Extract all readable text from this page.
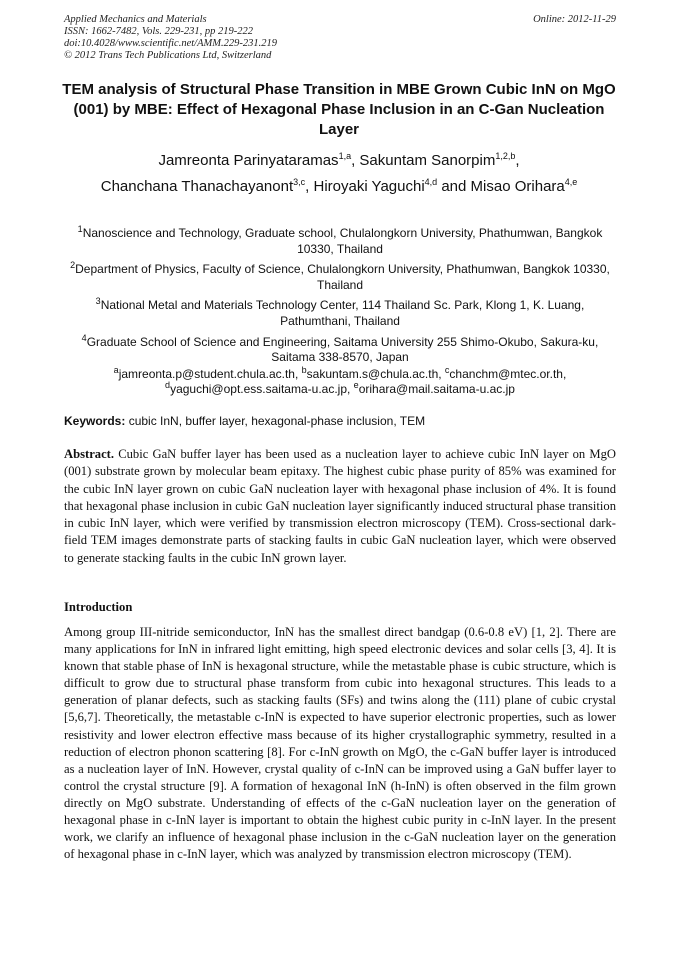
Applied Mechanics and Materials
ISSN: 1662-7482, Vols. 229-231, pp 219-222
doi:10.4028/www.scientific.net/AMM.229-231.219
© 2012 Trans Tech Publications Ltd, Switzerland
Online: 2012-11-29
TEM analysis of Structural Phase Transition in MBE Grown Cubic InN on MgO (001) by MBE: Effect of Hexagonal Phase Inclusion in an C-Gan Nucleation Layer
Jamreonta Parinyataramas$^{1,a}$, Sakuntam Sanorpim$^{1,2,b}$,
Chanchana Thanachayanont$^{3,c}$, Hiroyaki Yaguchi$^{4,d}$ and Misao Orihara$^{4,e}$
$^1$Nanoscience and Technology, Graduate school, Chulalongkorn University, Phathumwan, Bangkok 10330, Thailand
$^2$Department of Physics, Faculty of Science, Chulalongkorn University, Phathumwan, Bangkok 10330, Thailand
$^3$National Metal and Materials Technology Center, 114 Thailand Sc. Park, Klong 1, K. Luang, Pathumthani, Thailand
$^4$Graduate School of Science and Engineering, Saitama University 255 Shimo-Okubo, Sakura-ku, Saitama 338-8570, Japan
$^a$jamreonta.p@student.chula.ac.th, $^b$sakuntam.s@chula.ac.th, $^c$chanchm@mtec.or.th,
$^d$yaguchi@opt.ess.saitama-u.ac.jp, $^e$orihara@mail.saitama-u.ac.jp
Keywords: cubic InN, buffer layer, hexagonal-phase inclusion, TEM
Abstract. Cubic GaN buffer layer has been used as a nucleation layer to achieve cubic InN layer on MgO (001) substrate grown by molecular beam epitaxy. The highest cubic phase purity of 85% was examined for the cubic InN layer grown on cubic GaN nucleation layer with hexagonal phase inclusion of 4%. It is found that hexagonal phase inclusion in cubic GaN nucleation layer significantly induced structural phase transition in cubic InN layer, which were verified by transmission electron microscopy (TEM). Cross-sectional dark-field TEM images demonstrate parts of stacking faults in cubic GaN nucleation layer, which were observed to generate stacking faults in the cubic InN grown layer.
Introduction
Among group III-nitride semiconductor, InN has the smallest direct bandgap (0.6-0.8 eV) [1, 2]. There are many applications for InN in infrared light emitting, high speed electronic devices and solar cells [3, 4]. It is known that stable phase of InN is hexagonal structure, while the metastable phase is cubic structure, which is difficult to grow due to structural phase transform from cubic into hexagonal structures. This leads to a generation of planar defects, such as stacking faults (SFs) and twins along the (111) plane of cubic crystal [5,6,7]. Theoretically, the metastable c-InN is expected to have superior electronic properties, such as lower resistivity and lower electron effective mass because of its higher crystallographic symmetry, resulted in a reduction of electron phonon scattering [8]. For c-InN growth on MgO, the c-GaN buffer layer is introduced as a nucleation layer of InN. However, crystal quality of c-InN can be improved using a GaN buffer layer to control the crystal structure [9]. A formation of hexagonal InN (h-InN) is often observed in the film grown directly on MgO substrate. Understanding of effects of the c-GaN nucleation layer on the generation of hexagonal phase in c-InN layer is important to obtain the highest cubic purity in c-InN layer. In the present work, we clarify an influence of hexagonal phase inclusion in the c-GaN nucleation layer on the generation of hexagonal phase in c-InN layer, which was analyzed by transmission electron microscopy (TEM).
